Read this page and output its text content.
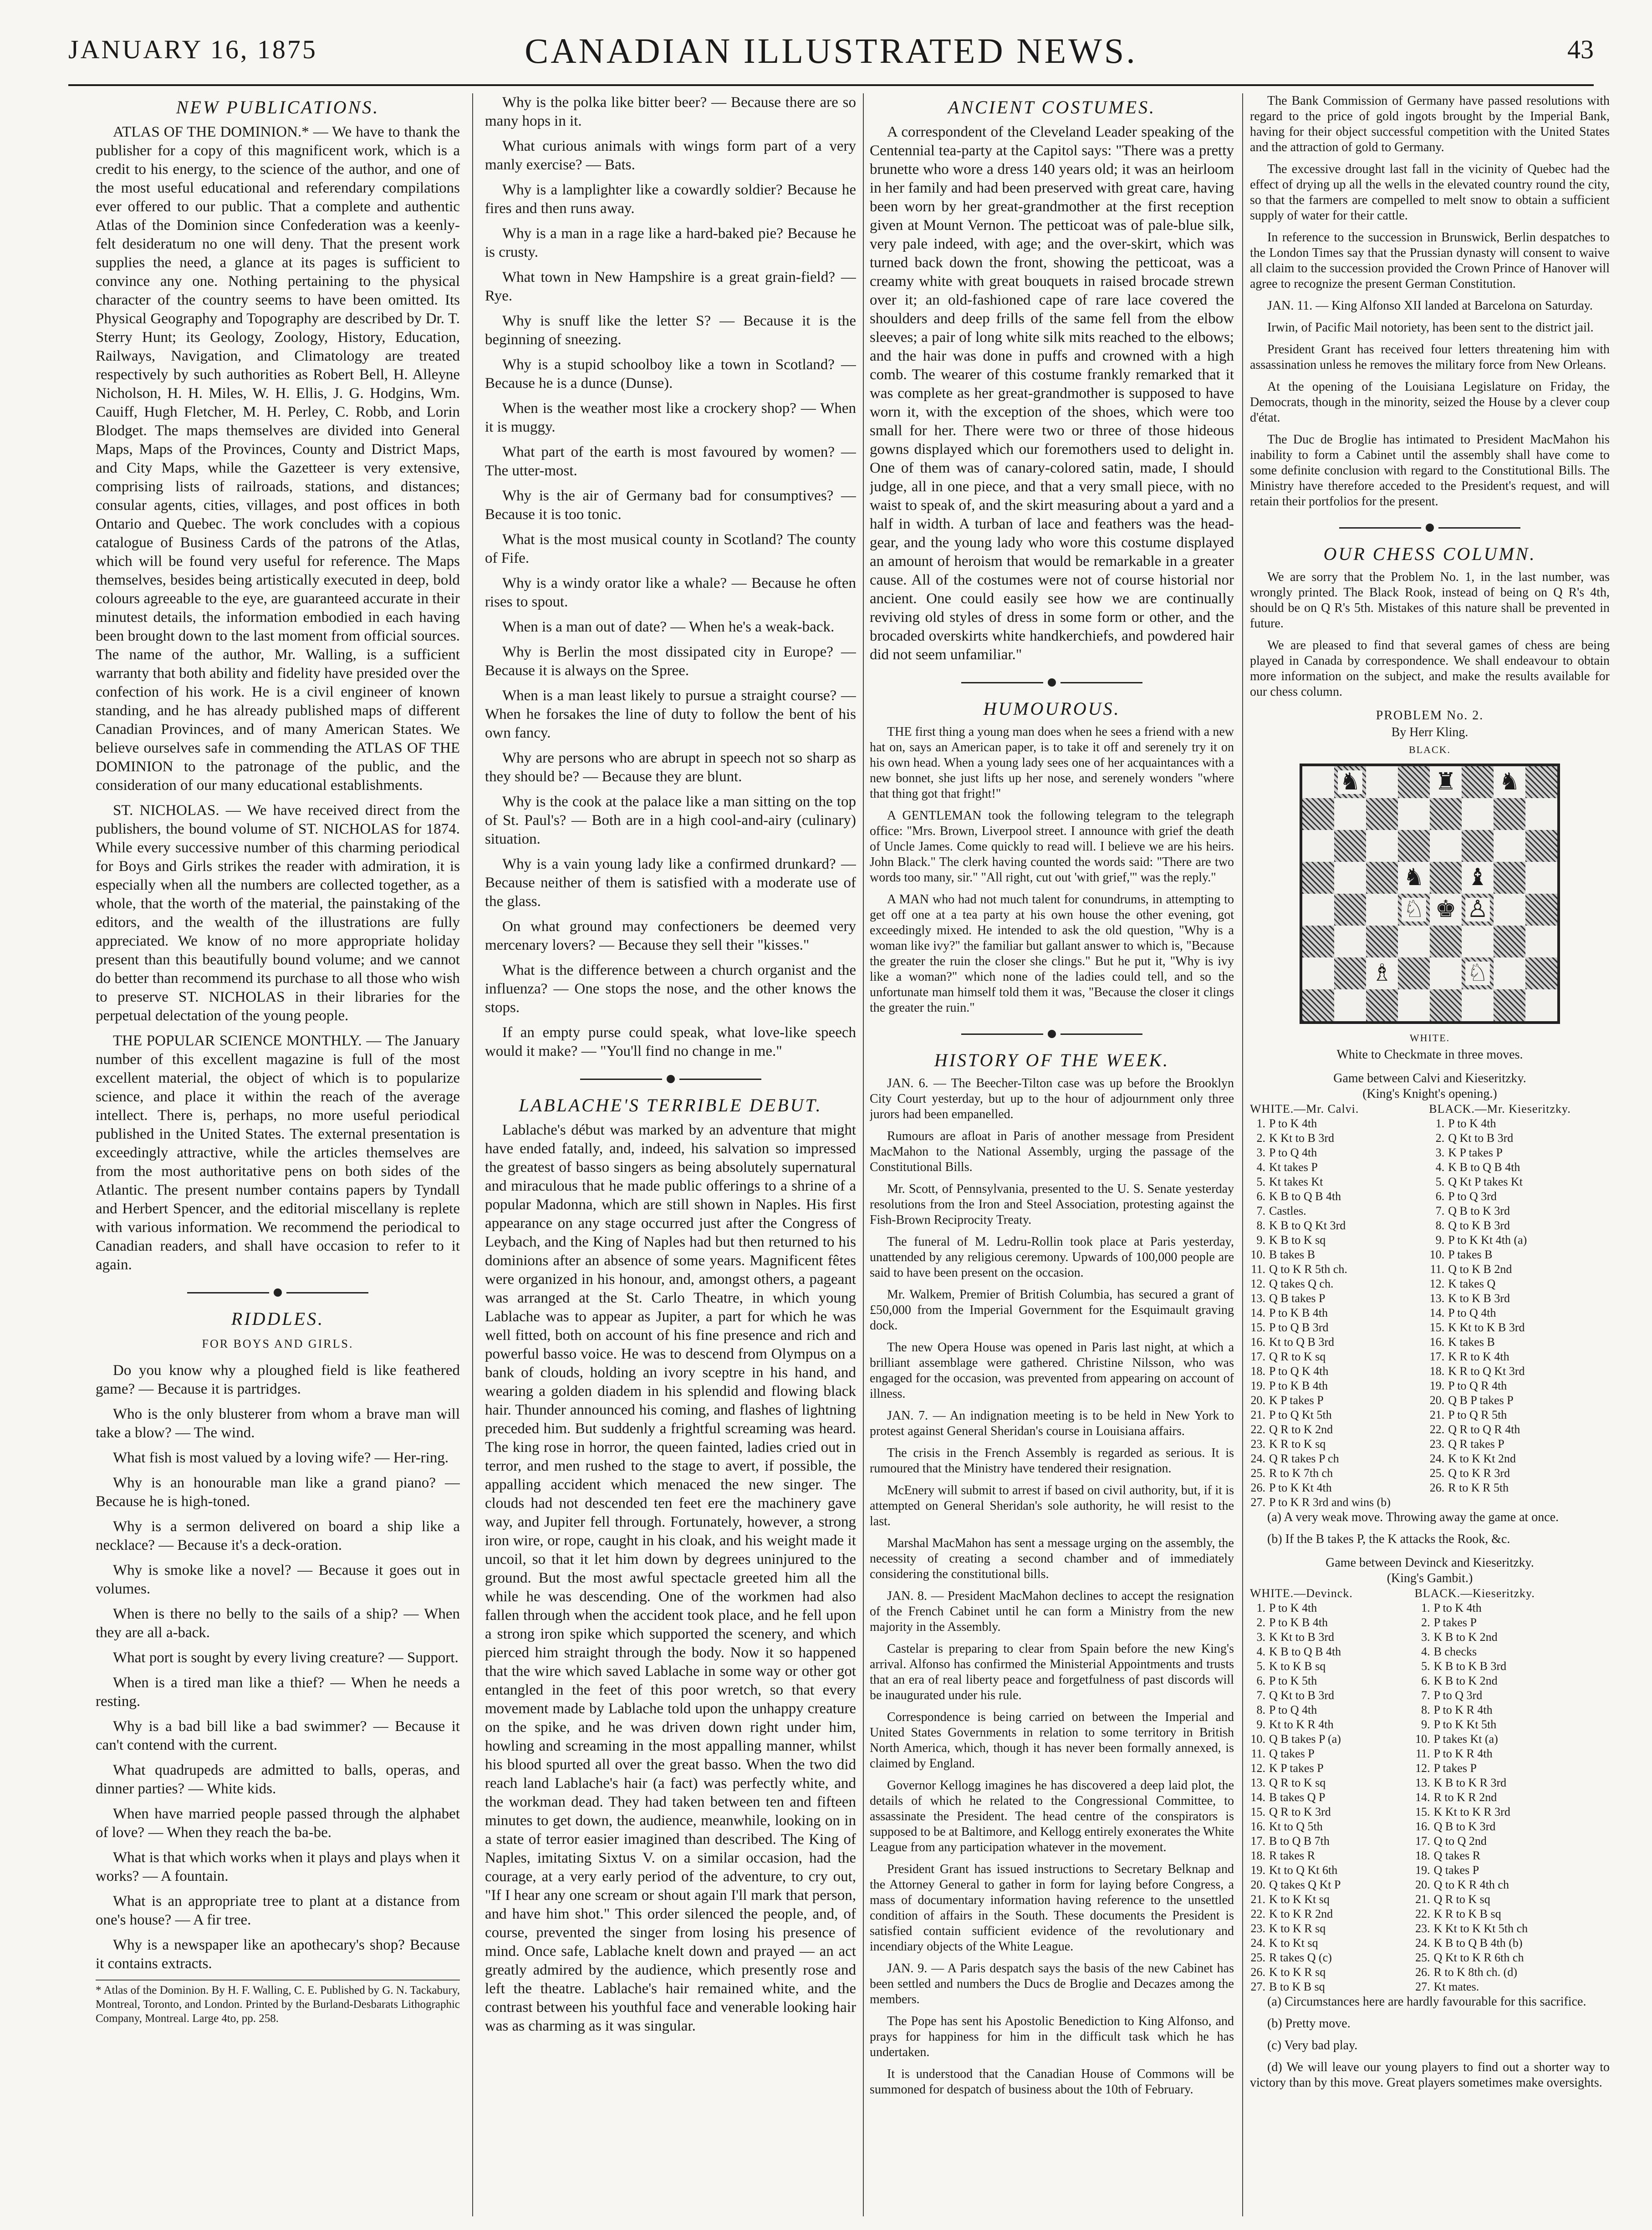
JANUARY 16, 1875	CANADIAN ILLUSTRATED NEWS.	43
NEW PUBLICATIONS.

ATLAS OF THE DOMINION.* — We have to thank the publisher for a copy of this magnificent work, which is a credit to his energy, to the science of the author, and one of the most useful educational and referendary compilations ever offered to our public. That a complete and authentic Atlas of the Dominion since Confederation was a keenly-felt desideratum no one will deny. That the present work supplies the need, a glance at its pages is sufficient to convince any one. Nothing pertaining to the physical character of the country seems to have been omitted. Its Physical Geography and Topography are described by Dr. T. Sterry Hunt; its Geology, Zoology, History, Education, Railways, Navigation, and Climatology are treated respectively by such authorities as Robert Bell, H. Alleyne Nicholson, H. H. Miles, W. H. Ellis, J. G. Hodgins, Wm. Cauiff, Hugh Fletcher, M. H. Perley, C. Robb, and Lorin Blodget. The maps themselves are divided into General Maps, Maps of the Provinces, County and District Maps, and City Maps, while the Gazetteer is very extensive, comprising lists of railroads, stations, and distances; consular agents, cities, villages, and post offices in both Ontario and Quebec. The work concludes with a copious catalogue of Business Cards of the patrons of the Atlas, which will be found very useful for reference. The Maps themselves, besides being artistically executed in deep, bold colours agreeable to the eye, are guaranteed accurate in their minutest details, the information embodied in each having been brought down to the last moment from official sources. The name of the author, Mr. Walling, is a sufficient warranty that both ability and fidelity have presided over the confection of his work. He is a civil engineer of known standing, and he has already published maps of different Canadian Provinces, and of many American States. We believe ourselves safe in commending the ATLAS OF THE DOMINION to the patronage of the public, and the consideration of our many educational establishments.

ST. NICHOLAS. — We have received direct from the publishers, the bound volume of ST. NICHOLAS for 1874. While every successive number of this charming periodical for Boys and Girls strikes the reader with admiration, it is especially when all the numbers are collected together, as a whole, that the worth of the material, the painstaking of the editors, and the wealth of the illustrations are fully appreciated. We know of no more appropriate holiday present than this beautifully bound volume; and we cannot do better than recommend its purchase to all those who wish to preserve ST. NICHOLAS in their libraries for the perpetual delectation of the young people.

THE POPULAR SCIENCE MONTHLY. — The January number of this excellent magazine is full of the most excellent material, the object of which is to popularize science, and place it within the reach of the average intellect. There is, perhaps, no more useful periodical published in the United States. The external presentation is exceedingly attractive, while the articles themselves are from the most authoritative pens on both sides of the Atlantic. The present number contains papers by Tyndall and Herbert Spencer, and the editorial miscellany is replete with various information. We recommend the periodical to Canadian readers, and shall have occasion to refer to it again.

RIDDLES.
FOR BOYS AND GIRLS.

Do you know why a ploughed field is like feathered game? — Because it is partridges.

Who is the only blusterer from whom a brave man will take a blow? — The wind.

What fish is most valued by a loving wife? — Her-ring.

Why is an honourable man like a grand piano? — Because he is high-toned.

Why is a sermon delivered on board a ship like a necklace? — Because it's a deck-oration.

Why is smoke like a novel? — Because it goes out in volumes.

When is there no belly to the sails of a ship? — When they are all a-back.

What port is sought by every living creature? — Support.

When is a tired man like a thief? — When he needs a resting.

Why is a bad bill like a bad swimmer? — Because it can't contend with the current.

What quadrupeds are admitted to balls, operas, and dinner parties? — White kids.

When have married people passed through the alphabet of love? — When they reach the ba-be.

What is that which works when it plays and plays when it works? — A fountain.

What is an appropriate tree to plant at a distance from one's house? — A fir tree.

Why is a newspaper like an apothecary's shop? Because it contains extracts.

* Atlas of the Dominion. By H. F. Walling, C. E. Published by G. N. Tackabury, Montreal, Toronto, and London. Printed by the Burland-Desbarats Lithographic Company, Montreal. Large 4to, pp. 258.

Why is the polka like bitter beer? — Because there are so many hops in it.

What curious animals with wings form part of a very manly exercise? — Bats.

Why is a lamplighter like a cowardly soldier? Because he fires and then runs away.

Why is a man in a rage like a hard-baked pie? Because he is crusty.

What town in New Hampshire is a great grain-field? — Rye.

Why is snuff like the letter S? — Because it is the beginning of sneezing.

Why is a stupid schoolboy like a town in Scotland? — Because he is a dunce (Dunse).

When is the weather most like a crockery shop? — When it is muggy.

What part of the earth is most favoured by women? — The utter-most.

Why is the air of Germany bad for consumptives? — Because it is too tonic.

What is the most musical county in Scotland? The county of Fife.

Why is a windy orator like a whale? — Because he often rises to spout.

When is a man out of date? — When he's a weak-back.

Why is Berlin the most dissipated city in Europe? — Because it is always on the Spree.

When is a man least likely to pursue a straight course? — When he forsakes the line of duty to follow the bent of his own fancy.

Why are persons who are abrupt in speech not so sharp as they should be? — Because they are blunt.

Why is the cook at the palace like a man sitting on the top of St. Paul's? — Both are in a high cool-and-airy (culinary) situation.

Why is a vain young lady like a confirmed drunkard? — Because neither of them is satisfied with a moderate use of the glass.

On what ground may confectioners be deemed very mercenary lovers? — Because they sell their "kisses."

What is the difference between a church organist and the influenza? — One stops the nose, and the other knows the stops.

If an empty purse could speak, what love-like speech would it make? — "You'll find no change in me."

LABLACHE'S TERRIBLE DEBUT.

Lablache's début was marked by an adventure that might have ended fatally, and, indeed, his salvation so impressed the greatest of basso singers as being absolutely supernatural and miraculous that he made public offerings to a shrine of a popular Madonna, which are still shown in Naples. His first appearance on any stage occurred just after the Congress of Leybach, and the King of Naples had but then returned to his dominions after an absence of some years. Magnificent fêtes were organized in his honour, and, amongst others, a pageant was arranged at the St. Carlo Theatre, in which young Lablache was to appear as Jupiter, a part for which he was well fitted, both on account of his fine presence and rich and powerful basso voice. He was to descend from Olympus on a bank of clouds, holding an ivory sceptre in his hand, and wearing a golden diadem in his splendid and flowing black hair. Thunder announced his coming, and flashes of lightning preceded him. But suddenly a frightful screaming was heard. The king rose in horror, the queen fainted, ladies cried out in terror, and men rushed to the stage to avert, if possible, the appalling accident which menaced the new singer. The clouds had not descended ten feet ere the machinery gave way, and Jupiter fell through. Fortunately, however, a strong iron wire, or rope, caught in his cloak, and his weight made it uncoil, so that it let him down by degrees uninjured to the ground. But the most awful spectacle greeted him all the while he was descending. One of the workmen had also fallen through when the accident took place, and he fell upon a strong iron spike which supported the scenery, and which pierced him straight through the body. Now it so happened that the wire which saved Lablache in some way or other got entangled in the feet of this poor wretch, so that every movement made by Lablache told upon the unhappy creature on the spike, and he was driven down right under him, howling and screaming in the most appalling manner, whilst his blood spurted all over the great basso. When the two did reach land Lablache's hair (a fact) was perfectly white, and the workman dead. They had taken between ten and fifteen minutes to get down, the audience, meanwhile, looking on in a state of terror easier imagined than described. The King of Naples, imitating Sixtus V. on a similar occasion, had the courage, at a very early period of the adventure, to cry out, "If I hear any one scream or shout again I'll mark that person, and have him shot." This order silenced the people, and, of course, prevented the singer from losing his presence of mind. Once safe, Lablache knelt down and prayed — an act greatly admired by the audience, which presently rose and left the theatre. Lablache's hair remained white, and the contrast between his youthful face and venerable looking hair was as charming as it was singular.

ANCIENT COSTUMES.

A correspondent of the Cleveland Leader speaking of the Centennial tea-party at the Capitol says: "There was a pretty brunette who wore a dress 140 years old; it was an heirloom in her family and had been preserved with great care, having been worn by her great-grandmother at the first reception given at Mount Vernon. The petticoat was of pale-blue silk, very pale indeed, with age; and the over-skirt, which was turned back down the front, showing the petticoat, was a creamy white with great bouquets in raised brocade strewn over it; an old-fashioned cape of rare lace covered the shoulders and deep frills of the same fell from the elbow sleeves; a pair of long white silk mits reached to the elbows; and the hair was done in puffs and crowned with a high comb. The wearer of this costume frankly remarked that it was complete as her great-grandmother is supposed to have worn it, with the exception of the shoes, which were too small for her. There were two or three of those hideous gowns displayed which our foremothers used to delight in. One of them was of canary-colored satin, made, I should judge, all in one piece, and that a very small piece, with no waist to speak of, and the skirt measuring about a yard and a half in width. A turban of lace and feathers was the head-gear, and the young lady who wore this costume displayed an amount of heroism that would be remarkable in a greater cause. All of the costumes were not of course historial nor ancient. One could easily see how we are continually reviving old styles of dress in some form or other, and the brocaded overskirts white handkerchiefs, and powdered hair did not seem unfamiliar."

HUMOUROUS.

THE first thing a young man does when he sees a friend with a new hat on, says an American paper, is to take it off and serenely try it on his own head. When a young lady sees one of her acquaintances with a new bonnet, she just lifts up her nose, and serenely wonders "where that thing got that fright!"

A GENTLEMAN took the following telegram to the telegraph office: "Mrs. Brown, Liverpool street. I announce with grief the death of Uncle James. Come quickly to read will. I believe we are his heirs. John Black." The clerk having counted the words said: "There are two words too many, sir." "All right, cut out 'with grief,'" was the reply."

A MAN who had not much talent for conundrums, in attempting to get off one at a tea party at his own house the other evening, got exceedingly mixed. He intended to ask the old question, "Why is a woman like ivy?" the familiar but gallant answer to which is, "Because the greater the ruin the closer she clings." But he put it, "Why is ivy like a woman?" which none of the ladies could tell, and so the unfortunate man himself told them it was, "Because the closer it clings the greater the ruin."

HISTORY OF THE WEEK.

JAN. 6. — The Beecher-Tilton case was up before the Brooklyn City Court yesterday, but up to the hour of adjournment only three jurors had been empanelled.

Rumours are afloat in Paris of another message from President MacMahon to the National Assembly, urging the passage of the Constitutional Bills.

Mr. Scott, of Pennsylvania, presented to the U. S. Senate yesterday resolutions from the Iron and Steel Association, protesting against the Fish-Brown Reciprocity Treaty.

The funeral of M. Ledru-Rollin took place at Paris yesterday, unattended by any religious ceremony. Upwards of 100,000 people are said to have been present on the occasion.

Mr. Walkem, Premier of British Columbia, has secured a grant of £50,000 from the Imperial Government for the Esquimault graving dock.

The new Opera House was opened in Paris last night, at which a brilliant assemblage were gathered. Christine Nilsson, who was engaged for the occasion, was prevented from appearing on account of illness.

JAN. 7. — An indignation meeting is to be held in New York to protest against General Sheridan's course in Louisiana affairs.

The crisis in the French Assembly is regarded as serious. It is rumoured that the Ministry have tendered their resignation.

McEnery will submit to arrest if based on civil authority, but, if it is attempted on General Sheridan's sole authority, he will resist to the last.

Marshal MacMahon has sent a message urging on the assembly, the necessity of creating a second chamber and of immediately considering the constitutional bills.

JAN. 8. — President MacMahon declines to accept the resignation of the French Cabinet until he can form a Ministry from the new majority in the Assembly.

Castelar is preparing to clear from Spain before the new King's arrival. Alfonso has confirmed the Ministerial Appointments and trusts that an era of real liberty peace and forgetfulness of past discords will be inaugurated under his rule.

Correspondence is being carried on between the Imperial and United States Governments in relation to some territory in British North America, which, though it has never been formally annexed, is claimed by England.

Governor Kellogg imagines he has discovered a deep laid plot, the details of which he related to the Congressional Committee, to assassinate the President. The head centre of the conspirators is supposed to be at Baltimore, and Kellogg entirely exonerates the White League from any participation whatever in the movement.

President Grant has issued instructions to Secretary Belknap and the Attorney General to gather in form for laying before Congress, a mass of documentary information having reference to the unsettled condition of affairs in the South. These documents the President is satisfied contain sufficient evidence of the revolutionary and incendiary objects of the White League.

JAN. 9. — A Paris despatch says the basis of the new Cabinet has been settled and numbers the Ducs de Broglie and Decazes among the members.

The Pope has sent his Apostolic Benediction to King Alfonso, and prays for happiness for him in the difficult task which he has undertaken.

It is understood that the Canadian House of Commons will be summoned for despatch of business about the 10th of February.

The Bank Commission of Germany have passed resolutions with regard to the price of gold ingots brought by the Imperial Bank, having for their object successful competition with the United States and the attraction of gold to Germany.

The excessive drought last fall in the vicinity of Quebec had the effect of drying up all the wells in the elevated country round the city, so that the farmers are compelled to melt snow to obtain a sufficient supply of water for their cattle.

In reference to the succession in Brunswick, Berlin despatches to the London Times say that the Prussian dynasty will consent to waive all claim to the succession provided the Crown Prince of Hanover will agree to recognize the present German Constitution.

JAN. 11. — King Alfonso XII landed at Barcelona on Saturday.

Irwin, of Pacific Mail notoriety, has been sent to the district jail.

President Grant has received four letters threatening him with assassination unless he removes the military force from New Orleans.

At the opening of the Louisiana Legislature on Friday, the Democrats, though in the minority, seized the House by a clever coup d'état.

The Duc de Broglie has intimated to President MacMahon his inability to form a Cabinet until the assembly shall have come to some definite conclusion with regard to the Constitutional Bills. The Ministry have therefore acceded to the President's request, and will retain their portfolios for the present.

OUR CHESS COLUMN.

We are sorry that the Problem No. 1, in the last number, was wrongly printed. The Black Rook, instead of being on Q R's 4th, should be on Q R's 5th. Mistakes of this nature shall be prevented in future.

We are pleased to find that several games of chess are being played in Canada by correspondence. We shall endeavour to obtain more information on the subject, and make the results available for our chess column.

PROBLEM No. 2.
By Herr Kling.
BLACK.
♞	♜ ♞
♞ ♝
♘ ♚ ♙
♗	♘
WHITE.
White to Checkmate in three moves.
Game between Calvi and Kieseritzky.
(King's Knight's opening.)
WHITE.—Mr. Calvi.		BLACK.—Mr. Kieseritzky.	
1.	P to K 4th	1.	P to K 4th
2.	K Kt to B 3rd	2.	Q Kt to B 3rd
3.	P to Q 4th	3.	K P takes P
4.	Kt takes P	4.	K B to Q B 4th
5.	Kt takes Kt	5.	Q Kt P takes Kt
6.	K B to Q B 4th	6.	P to Q 3rd
7.	Castles.	7.	Q B to K 3rd
8.	K B to Q Kt 3rd	8.	Q to K B 3rd
9.	K B to K sq	9.	P to K Kt 4th (a)
10.	B takes B	10.	P takes B
11.	Q to K R 5th ch.	11.	Q to K B 2nd
12.	Q takes Q ch.	12.	K takes Q
13.	Q B takes P	13.	K to K B 3rd
14.	P to K B 4th	14.	P to Q 4th
15.	P to Q B 3rd	15.	K Kt to K B 3rd
16.	Kt to Q B 3rd	16.	K takes B
17.	Q R to K sq	17.	K R to K 4th
18.	P to Q K 4th	18.	K R to Q Kt 3rd
19.	P to K B 4th	19.	P to Q R 4th
20.	K P takes P	20.	Q B P takes P
21.	P to Q Kt 5th	21.	P to Q R 5th
22.	Q R to K 2nd	22.	Q R to Q R 4th
23.	K R to K sq	23.	Q R takes P
24.	Q R takes P ch	24.	K to K Kt 2nd
25.	R to K 7th ch	25.	Q to K R 3rd
26.	P to K Kt 4th	26.	R to K R 5th
27.	P to K R 3rd and wins (b)		

(a) A very weak move. Throwing away the game at once.

(b) If the B takes P, the K attacks the Rook, &c.

Game between Devinck and Kieseritzky.
(King's Gambit.)
WHITE.—Devinck.		BLACK.—Kieseritzky.	
1.	P to K 4th	1.	P to K 4th
2.	P to K B 4th	2.	P takes P
3.	K Kt to B 3rd	3.	K B to K 2nd
4.	K B to Q B 4th	4.	B checks
5.	K to K B sq	5.	K B to K B 3rd
6.	P to K 5th	6.	K B to K 2nd
7.	Q Kt to B 3rd	7.	P to Q 3rd
8.	P to Q 4th	8.	P to K R 4th
9.	Kt to K R 4th	9.	P to K Kt 5th
10.	Q B takes P (a)	10.	P takes Kt (a)
11.	Q takes P	11.	P to K R 4th
12.	K P takes P	12.	P takes P
13.	Q R to K sq	13.	K B to K R 3rd
14.	B takes Q P	14.	R to K R 2nd
15.	Q R to K 3rd	15.	K Kt to K R 3rd
16.	Kt to Q 5th	16.	Q B to K 3rd
17.	B to Q B 7th	17.	Q to Q 2nd
18.	R takes R	18.	Q takes R
19.	Kt to Q Kt 6th	19.	Q takes P
20.	Q takes Q Kt P	20.	Q to K R 4th ch
21.	K to K Kt sq	21.	Q R to K sq
22.	K to K R 2nd	22.	K R to K B sq
23.	K to K R sq	23.	K Kt to K Kt 5th ch
24.	K to Kt sq	24.	K B to Q B 4th (b)
25.	R takes Q (c)	25.	Q Kt to K R 6th ch
26.	K to K R sq	26.	R to K 8th ch. (d)
27.	B to K B sq	27.	Kt mates.

(a) Circumstances here are hardly favourable for this sacrifice.

(b) Pretty move.

(c) Very bad play.

(d) We will leave our young players to find out a shorter way to victory than by this move. Great players sometimes make oversights.
